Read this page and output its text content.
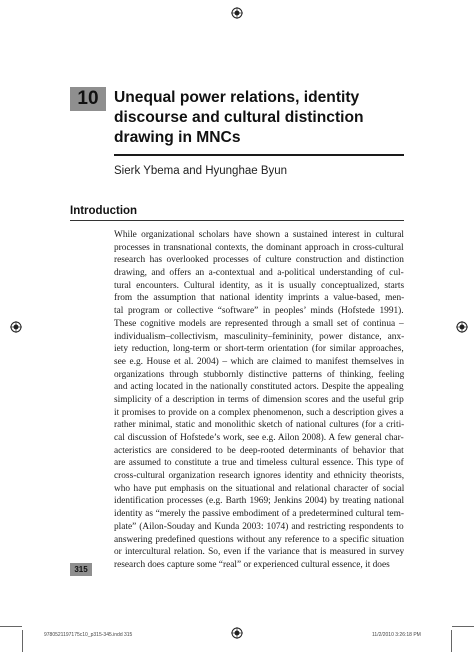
10 Unequal power relations, identity discourse and cultural distinction drawing in MNCs
Sierk Ybema and Hyunghae Byun
Introduction

While organizational scholars have shown a sustained interest in cultural
processes in transnational contexts, the dominant approach in cross-cultural
research has overlooked processes of culture construction and distinction
drawing, and offers an a-contextual and a-political understanding of cul-
tural encounters. Cultural identity, as it is usually conceptualized, starts
from the assumption that national identity imprints a value-based, men-
tal program or collective “software” in peoples’ minds (Hofstede 1991).
These cognitive models are represented through a small set of continua –
individualism–collectivism, masculinity–femininity, power distance, anx-
iety reduction, long-term or short-term orientation (for similar approaches,
see e.g. House et al. 2004) – which are claimed to manifest themselves in
organizations through stubbornly distinctive patterns of thinking, feeling
and acting located in the nationally constituted actors. Despite the appealing
simplicity of a description in terms of dimension scores and the useful grip
it promises to provide on a complex phenomenon, such a description gives a
rather minimal, static and monolithic sketch of national cultures (for a criti-
cal discussion of Hofstede’s work, see e.g. Ailon 2008). A few general char-
acteristics are considered to be deep-rooted determinants of behavior that
are assumed to constitute a true and timeless cultural essence. This type of
cross-cultural organization research ignores identity and ethnicity theorists,
who have put emphasis on the situational and relational character of social
identification processes (e.g. Barth 1969; Jenkins 2004) by treating national
identity as “merely the passive embodiment of a predetermined cultural tem-
plate” (Ailon-Souday and Kunda 2003: 1074) and restricting respondents to
answering predefined questions without any reference to a specific situation
or intercultural relation. So, even if the variance that is measured in survey
research does capture some “real” or experienced cultural essence, it does

315
9780521197175c10_p315-345.indd 315	11/2/2010 3:26:18 PM
